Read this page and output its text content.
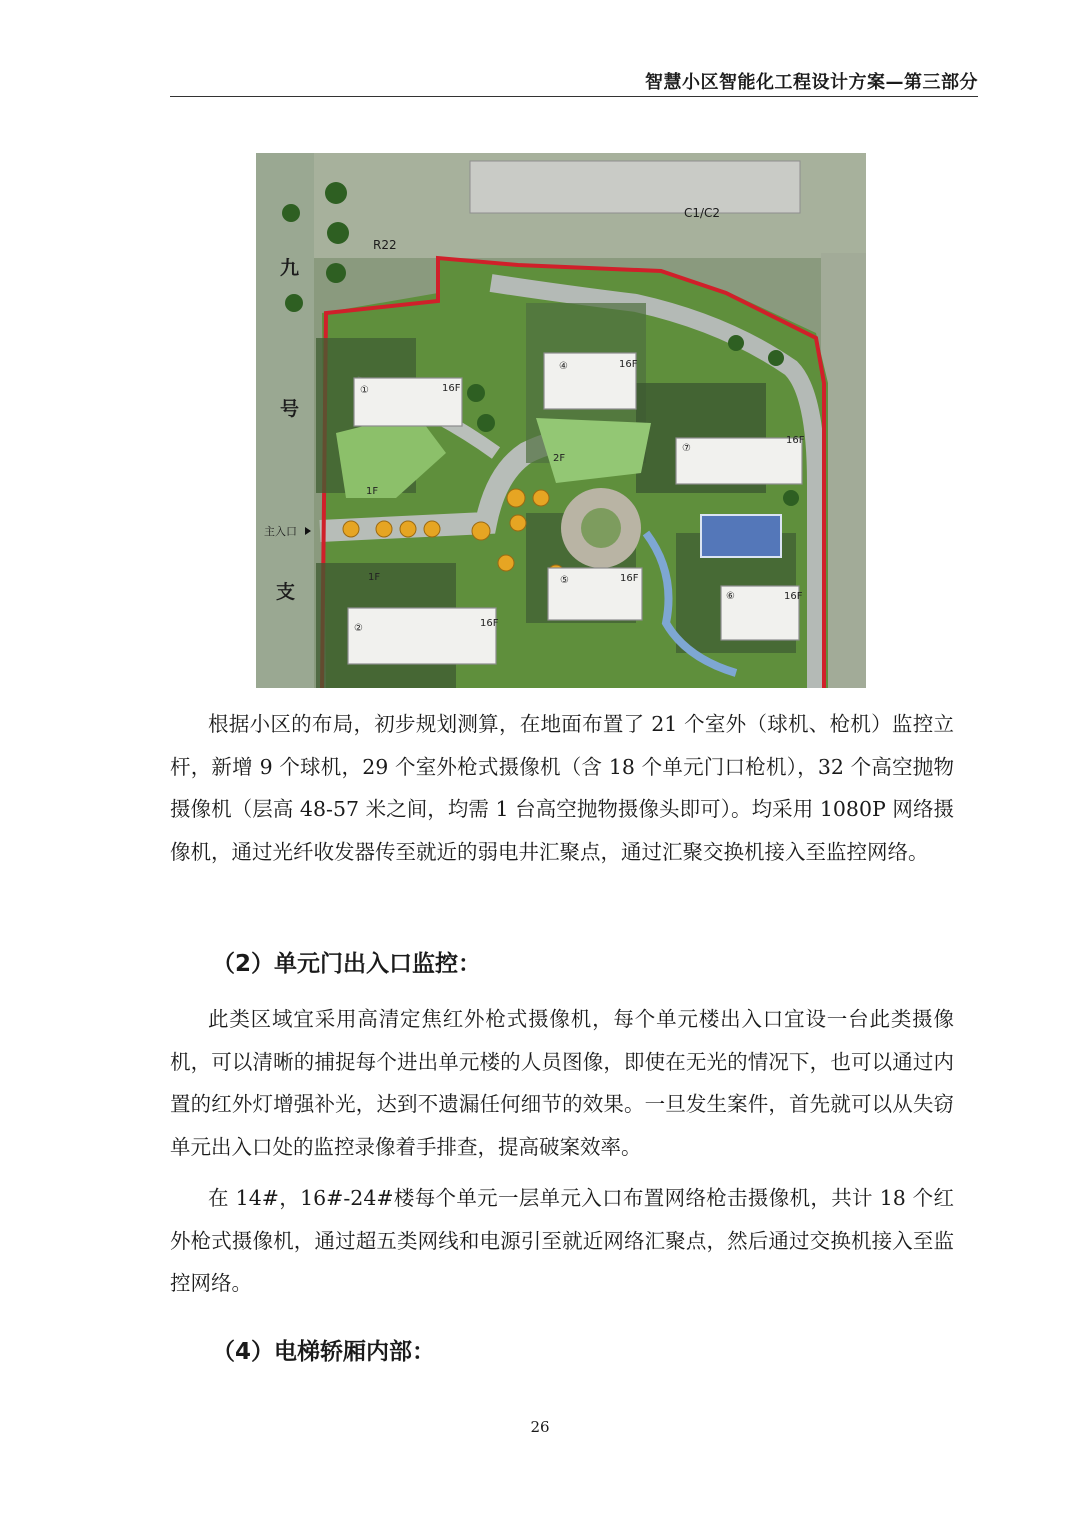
智慧小区智能化工程设计方案—第三部分
①	16F
1F
④	16F
2F
⑦
16F
②	16F
1F	⑤	16F
⑥	16F
C1/C2
R22
主入口
九
号
支

根据小区的布局，初步规划测算，在地面布置了 21 个室外（球机、枪机）监控立杆，新增 9 个球机，29 个室外枪式摄像机（含 18 个单元门口枪机），32 个高空抛物摄像机（层高 48-57 米之间，均需 1 台高空抛物摄像头即可）。均采用 1080P 网络摄像机，通过光纤收发器传至就近的弱电井汇聚点，通过汇聚交换机接入至监控网络。

（2）单元门出入口监控：

此类区域宜采用高清定焦红外枪式摄像机，每个单元楼出入口宜设一台此类摄像机，可以清晰的捕捉每个进出单元楼的人员图像，即使在无光的情况下，也可以通过内置的红外灯增强补光，达到不遗漏任何细节的效果。一旦发生案件，首先就可以从失窃单元出入口处的监控录像着手排查，提高破案效率。

在 14#，16#-24#楼每个单元一层单元入口布置网络枪击摄像机，共计 18 个红外枪式摄像机，通过超五类网线和电源引至就近网络汇聚点，然后通过交换机接入至监控网络。

（4）电梯轿厢内部：
26
